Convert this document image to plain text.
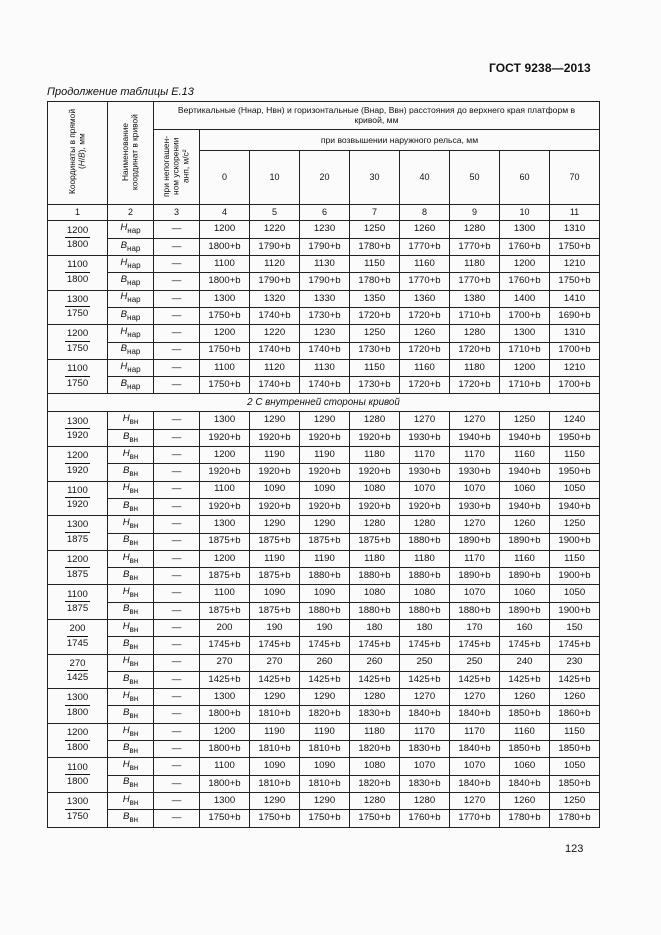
ГОСТ 9238—2013
Продолжение таблицы Е.13
Координаты в прямой
(H/B), мм	Наименование координат в кривой	Вертикальные (Hнар, Hвн) и горизонтальные (Bнар, Bвн) расстояния до верхнего края платформ в кривой, мм								
		при непогашен-
ном ускорении
aнп, м/с²	при возвышении наружного рельса, мм							
			0	10	20	30	40	50	60	70
1	2	3	4	5	6	7	8	9	10	11

$\frac{1200}{1800}$	$H_{нар}$	—	1200	1220	1230	1250	1260	1280	1300	1310
	$B_{нар}$	—	1800+b	1790+b	1790+b	1780+b	1770+b	1770+b	1760+b	1750+b

$\frac{1100}{1800}$	$H_{нар}$	—	1100	1120	1130	1150	1160	1180	1200	1210
	$B_{нар}$	—	1800+b	1790+b	1790+b	1780+b	1770+b	1770+b	1760+b	1750+b

$\frac{1300}{1750}$	$H_{нар}$	—	1300	1320	1330	1350	1360	1380	1400	1410
	$B_{нар}$	—	1750+b	1740+b	1730+b	1720+b	1720+b	1710+b	1700+b	1690+b

$\frac{1200}{1750}$	$H_{нар}$	—	1200	1220	1230	1250	1260	1280	1300	1310
	$B_{нар}$	—	1750+b	1740+b	1740+b	1730+b	1720+b	1720+b	1710+b	1700+b

$\frac{1100}{1750}$	$H_{нар}$	—	1100	1120	1130	1150	1160	1180	1200	1210
	$B_{нар}$	—	1750+b	1740+b	1740+b	1730+b	1720+b	1720+b	1710+b	1700+b
2 С внутренней стороны кривой										

$\frac{1300}{1920}$	$H_{вн}$	—	1300	1290	1290	1280	1270	1270	1250	1240
	$B_{вн}$	—	1920+b	1920+b	1920+b	1920+b	1930+b	1940+b	1940+b	1950+b

$\frac{1200}{1920}$	$H_{вн}$	—	1200	1190	1190	1180	1170	1170	1160	1150
	$B_{вн}$	—	1920+b	1920+b	1920+b	1920+b	1930+b	1930+b	1940+b	1950+b

$\frac{1100}{1920}$	$H_{вн}$	—	1100	1090	1090	1080	1070	1070	1060	1050
	$B_{вн}$	—	1920+b	1920+b	1920+b	1920+b	1920+b	1930+b	1940+b	1940+b

$\frac{1300}{1875}$	$H_{вн}$	—	1300	1290	1290	1280	1280	1270	1260	1250
	$B_{вн}$	—	1875+b	1875+b	1875+b	1875+b	1880+b	1890+b	1890+b	1900+b

$\frac{1200}{1875}$	$H_{вн}$	—	1200	1190	1190	1180	1180	1170	1160	1150
	$B_{вн}$	—	1875+b	1875+b	1880+b	1880+b	1880+b	1890+b	1890+b	1900+b

$\frac{1100}{1875}$	$H_{вн}$	—	1100	1090	1090	1080	1080	1070	1060	1050
	$B_{вн}$	—	1875+b	1875+b	1880+b	1880+b	1880+b	1880+b	1890+b	1900+b

$\frac{200}{1745}$	$H_{вн}$	—	200	190	190	180	180	170	160	150
	$B_{вн}$	—	1745+b	1745+b	1745+b	1745+b	1745+b	1745+b	1745+b	1745+b

$\frac{270}{1425}$	$H_{вн}$	—	270	270	260	260	250	250	240	230
	$B_{вн}$	—	1425+b	1425+b	1425+b	1425+b	1425+b	1425+b	1425+b	1425+b

$\frac{1300}{1800}$	$H_{вн}$	—	1300	1290	1290	1280	1270	1270	1260	1260
	$B_{вн}$	—	1800+b	1810+b	1820+b	1830+b	1840+b	1840+b	1850+b	1860+b

$\frac{1200}{1800}$	$H_{вн}$	—	1200	1190	1190	1180	1170	1170	1160	1150
	$B_{вн}$	—	1800+b	1810+b	1810+b	1820+b	1830+b	1840+b	1850+b	1850+b

$\frac{1100}{1800}$	$H_{вн}$	—	1100	1090	1090	1080	1070	1070	1060	1050
	$B_{вн}$	—	1800+b	1810+b	1810+b	1820+b	1830+b	1840+b	1840+b	1850+b

$\frac{1300}{1750}$	$H_{вн}$	—	1300	1290	1290	1280	1280	1270	1260	1250
	$B_{вн}$	—	1750+b	1750+b	1750+b	1750+b	1760+b	1770+b	1780+b	1780+b
123
